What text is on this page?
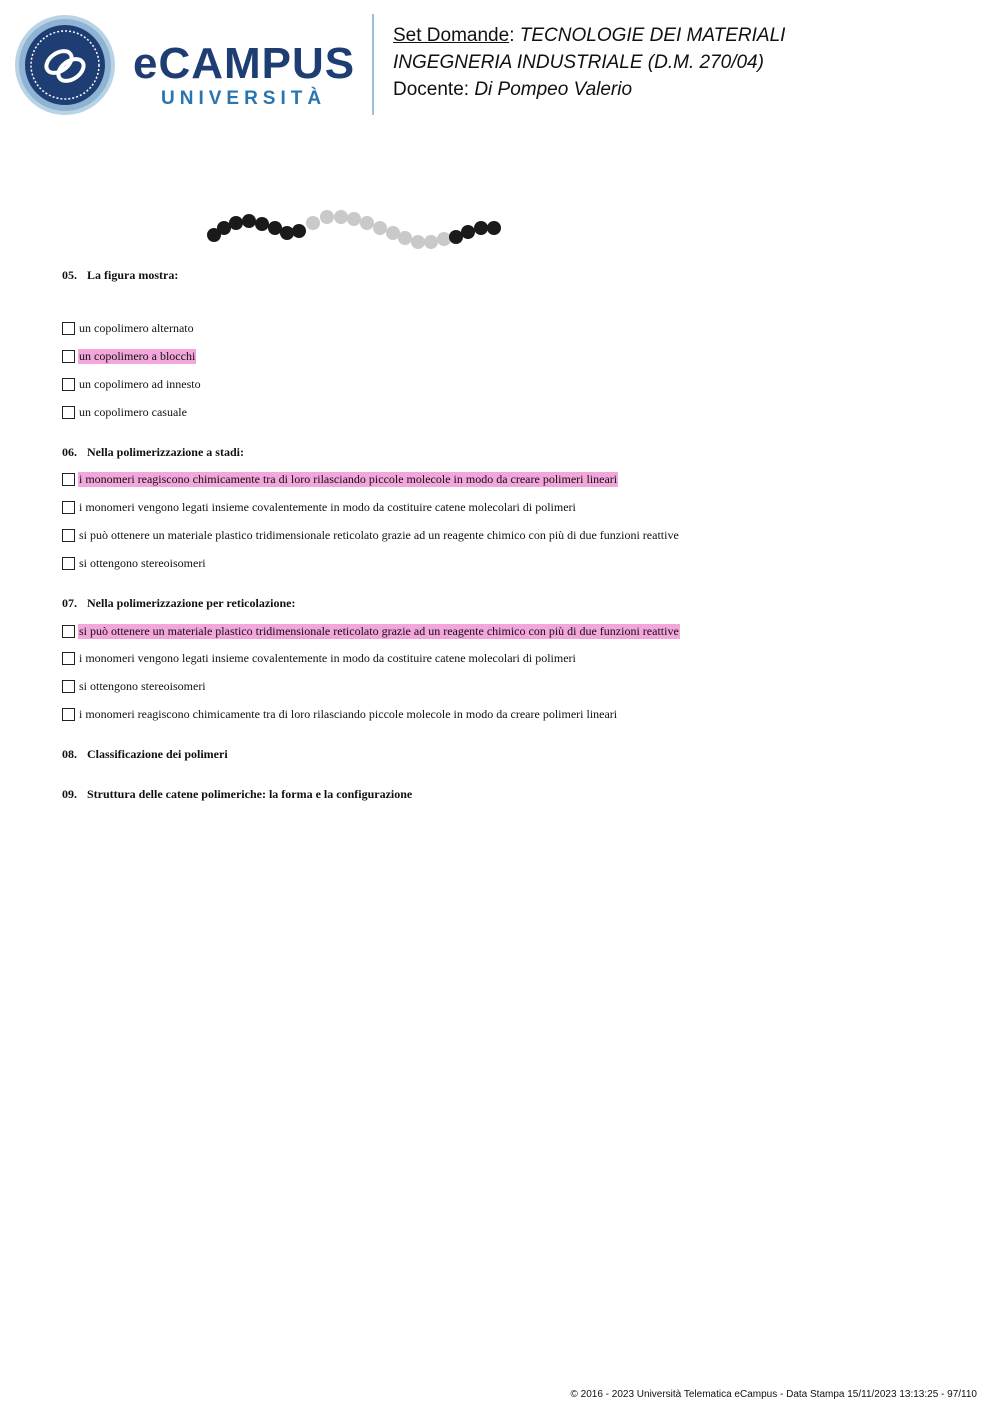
eCAMPUS
UNIVERSITÀ
Set Domande: TECNOLOGIE DEI MATERIALI
INGEGNERIA INDUSTRIALE (D.M. 270/04)
Docente: Di Pompeo Valerio
05. La figura mostra:
un copolimero alternato
un copolimero a blocchi
un copolimero ad innesto
un copolimero casuale
06. Nella polimerizzazione a stadi:
i monomeri reagiscono chimicamente tra di loro rilasciando piccole molecole in modo da creare polimeri lineari
i monomeri vengono legati insieme covalentemente in modo da costituire catene molecolari di polimeri
si può ottenere un materiale plastico tridimensionale reticolato grazie ad un reagente chimico con più di due funzioni reattive
si ottengono stereoisomeri
07. Nella polimerizzazione per reticolazione:
si può ottenere un materiale plastico tridimensionale reticolato grazie ad un reagente chimico con più di due funzioni reattive
i monomeri vengono legati insieme covalentemente in modo da costituire catene molecolari di polimeri
si ottengono stereoisomeri
i monomeri reagiscono chimicamente tra di loro rilasciando piccole molecole in modo da creare polimeri lineari
08. Classificazione dei polimeri
09. Struttura delle catene polimeriche: la forma e la configurazione
© 2016 - 2023 Università Telematica eCampus - Data Stampa 15/11/2023 13:13:25 - 97/110
